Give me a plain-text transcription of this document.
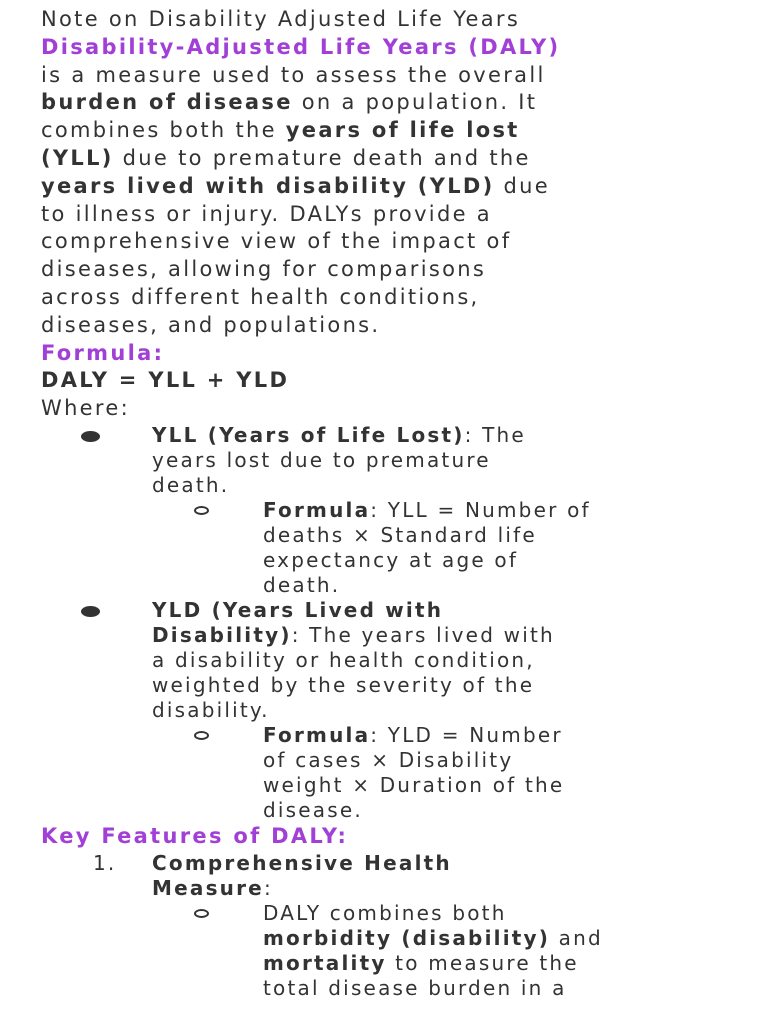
Note on Disability Adjusted Life Years
Disability-Adjusted Life Years (DALY)
is a measure used to assess the overall
burden of disease on a population. It
combines both the years of life lost
(YLL) due to premature death and the
years lived with disability (YLD) due
to illness or injury. DALYs provide a
comprehensive view of the impact of
diseases, allowing for comparisons
across different health conditions,
diseases, and populations.
Formula:
DALY = YLL + YLD
Where:
YLL (Years of Life Lost): The
years lost due to premature
death.
Formula: YLL = Number of
deaths × Standard life
expectancy at age of
death.
YLD (Years Lived with
Disability): The years lived with
a disability or health condition,
weighted by the severity of the
disability.
Formula: YLD = Number
of cases × Disability
weight × Duration of the
disease.
Key Features of DALY:
1. Comprehensive Health
Measure:
DALY combines both
morbidity (disability) and
mortality to measure the
total disease burden in a
